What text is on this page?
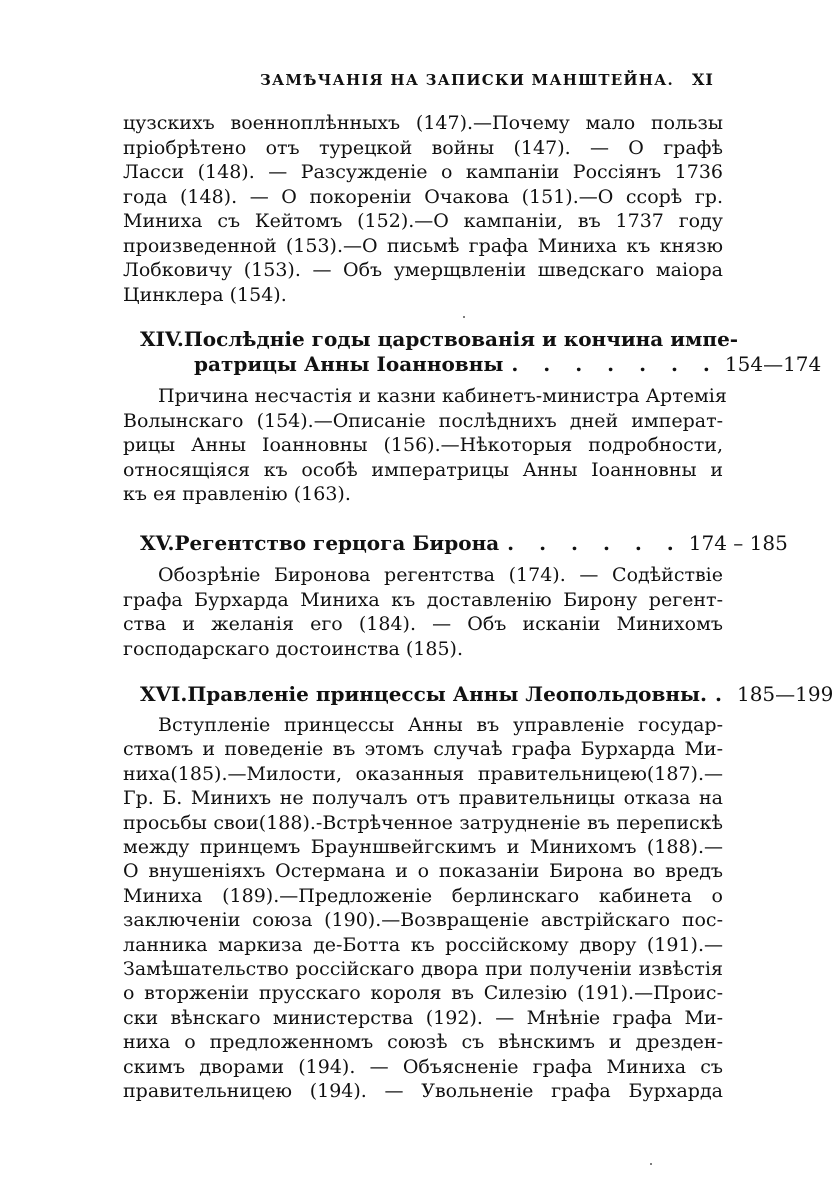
ЗАМѢЧАНІЯ НА ЗАПИСКИ МАНШТЕЙНА. XI
цузскихъ военноплѣнныхъ (147).—Почему мало пользы
пріобрѣтено отъ турецкой войны (147). — О графѣ
Ласси (148). — Разсужденіе о кампаніи Россіянъ 1736
года (148). — О покореніи Очакова (151).—О ссорѣ гр.
Миниха съ Кейтомъ (152).—О кампаніи, въ 1737 году
произведенной (153).—О письмѣ графа Миниха къ князю
Лобковичу (153). — Объ умерщвленіи шведскаго маіора
Цинклера (154).
XIV. Послѣдніе годы царствованія и кончина импе-
ратрицы Анны Іоанновны . . . . . . . 154—174
Причина несчастія и казни кабинетъ-министра Артемія
Волынскаго (154).—Описаніе послѣднихъ дней императ-
рицы Анны Іоанновны (156).—Нѣкоторыя подробности,
относящіяся къ особѣ императрицы Анны Іоанновны и
къ ея правленію (163).
XV. Регентство герцога Бирона . . . . . . 174 – 185
Обозрѣніе Биронова регентства (174). — Содѣйствіе
графа Бурхарда Миниха къ доставленію Бирону регент-
ства и желанія его (184). — Объ исканіи Минихомъ
господарскаго достоинства (185).
XVI. Правленіе принцессы Анны Леопольдовны. . 185—199
Вступленіе принцессы Анны въ управленіе государ-
ствомъ и поведеніе въ этомъ случаѣ графа Бурхарда Ми-
ниха(185).—Милости, оказанныя правительницею(187).—
Гр. Б. Минихъ не получалъ отъ правительницы отказа на
просьбы свои(188).-Встрѣченное затрудненіе въ перепискѣ
между принцемъ Брауншвейгскимъ и Минихомъ (188).—
О внушеніяхъ Остермана и о показаніи Бирона во вредъ
Миниха (189).—Предложеніе берлинскаго кабинета о
заключеніи союза (190).—Возвращеніе австрійскаго пос-
ланника маркиза де-Ботта къ россійскому двору (191).—
Замѣшательство россійскаго двора при полученіи извѣстія
о вторженіи прусскаго короля въ Силезію (191).—Проис-
ски вѣнскаго министерства (192). — Мнѣніе графа Ми-
ниха о предложенномъ союзѣ съ вѣнскимъ и дрезден-
скимъ дворами (194). — Объясненіе графа Миниха съ
правительницею (194). — Увольненіе графа Бурхарда
